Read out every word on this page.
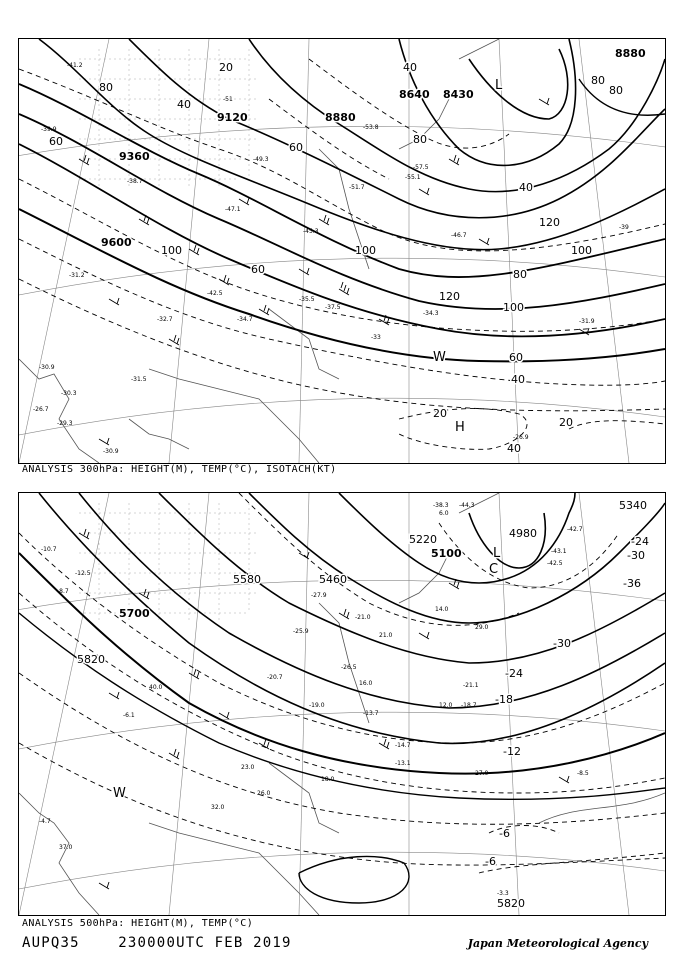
8880
8640 8430
8880
9120
9360
9600
80
40
60
20	40
60
80
40
80
100
120
100
60	80
120
100
80
100
60
40
20
40
20
-41.2
-51
-45.3
-57.5
-53.8
-55.1
-47.1
-35.5
-39.9
-38.7
-42.5
-49.3
-32.7
-31.2
-31.5
-30.9
-26.7
-30.3
-29.3
-30.9
-26.9
-34.3
-37.5
-46.7
-51.7
-34.7	-31.9
-33
-39
L
W
H
ANALYSIS 300hPa: HEIGHT(M), TEMP(°C), ISOTACH(KT)
5220
5100
4980
5340
5460
5580
5700
5820
5820
-24
-30
-36
-30
-24
-18
-12
-6
-6
-44.3
-38.3
-42.7
-43.1
-42.5
-27.9
-21.0
-12.5
-8.7
-10.7
-6.1
-4.7
-3.3
-8.5
-14.7
-13.1
-19.0
-26.5
-25.9
-20.7
-13.7
-18.7
-21.1
6.0
12.0
14.0
18.0
27.0
29.0
23.0
26.0
32.0
37.0
40.0
21.0
16.0
L
C
W
ANALYSIS 500hPa: HEIGHT(M), TEMP(°C)
AUPQ35	230000UTC FEB 2019	Japan Meteorological Agency
